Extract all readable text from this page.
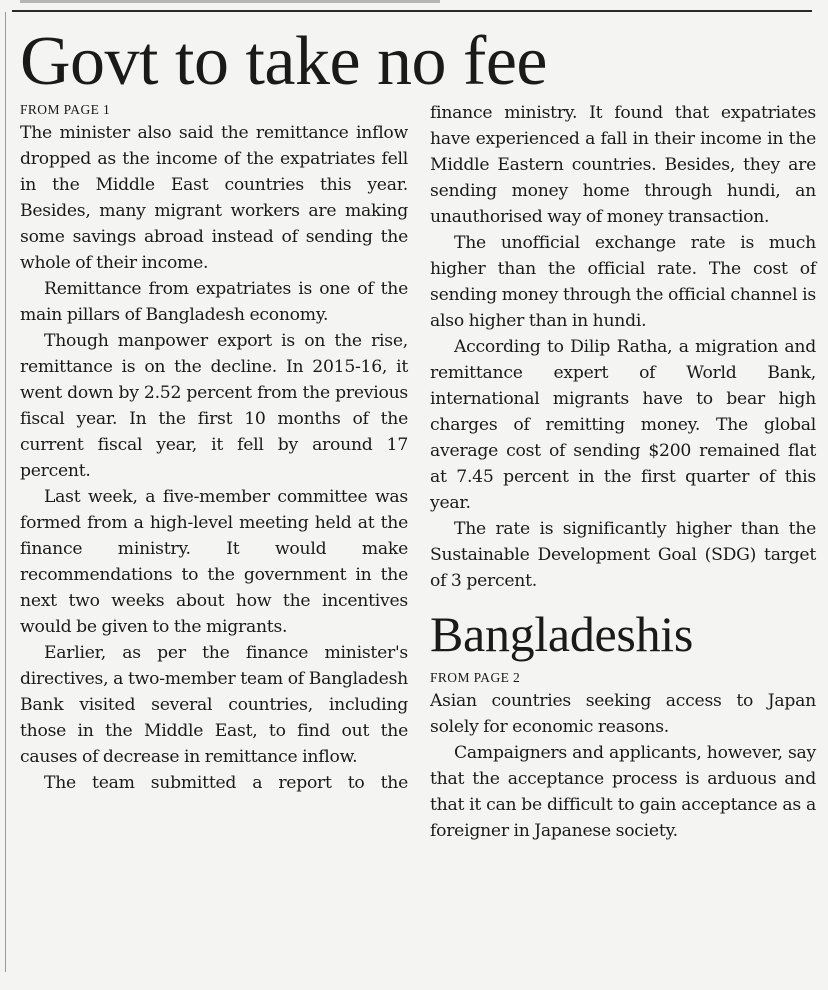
Govt to take no fee

FROM PAGE 1

The minister also said the remittance inflow dropped as the income of the expatriates fell in the Middle East countries this year. Besides, many migrant workers are making some savings abroad instead of sending the whole of their income.

Remittance from expatriates is one of the main pillars of Bangladesh economy.

Though manpower export is on the rise, remittance is on the decline. In 2015-16, it went down by 2.52 percent from the previous fiscal year. In the first 10 months of the current fiscal year, it fell by around 17 percent.

Last week, a five-member committee was formed from a high-level meeting held at the finance ministry. It would make recommendations to the government in the next two weeks about how the incentives would be given to the migrants.

Earlier, as per the finance minister's directives, a two-member team of Bangladesh Bank visited several countries, including those in the Middle East, to find out the causes of decrease in remittance inflow.

The team submitted a report to the

finance ministry. It found that expatriates have experienced a fall in their income in the Middle Eastern countries. Besides, they are sending money home through hundi, an unauthorised way of money transaction.

The unofficial exchange rate is much higher than the official rate. The cost of sending money through the official channel is also higher than in hundi.

According to Dilip Ratha, a migration and remittance expert of World Bank, international migrants have to bear high charges of remitting money. The global average cost of sending $200 remained flat at 7.45 percent in the first quarter of this year.

The rate is significantly higher than the Sustainable Development Goal (SDG) target of 3 percent.

Bangladeshis

FROM PAGE 2

Asian countries seeking access to Japan solely for economic reasons.

Campaigners and applicants, however, say that the acceptance process is arduous and that it can be difficult to gain acceptance as a foreigner in Japanese society.
